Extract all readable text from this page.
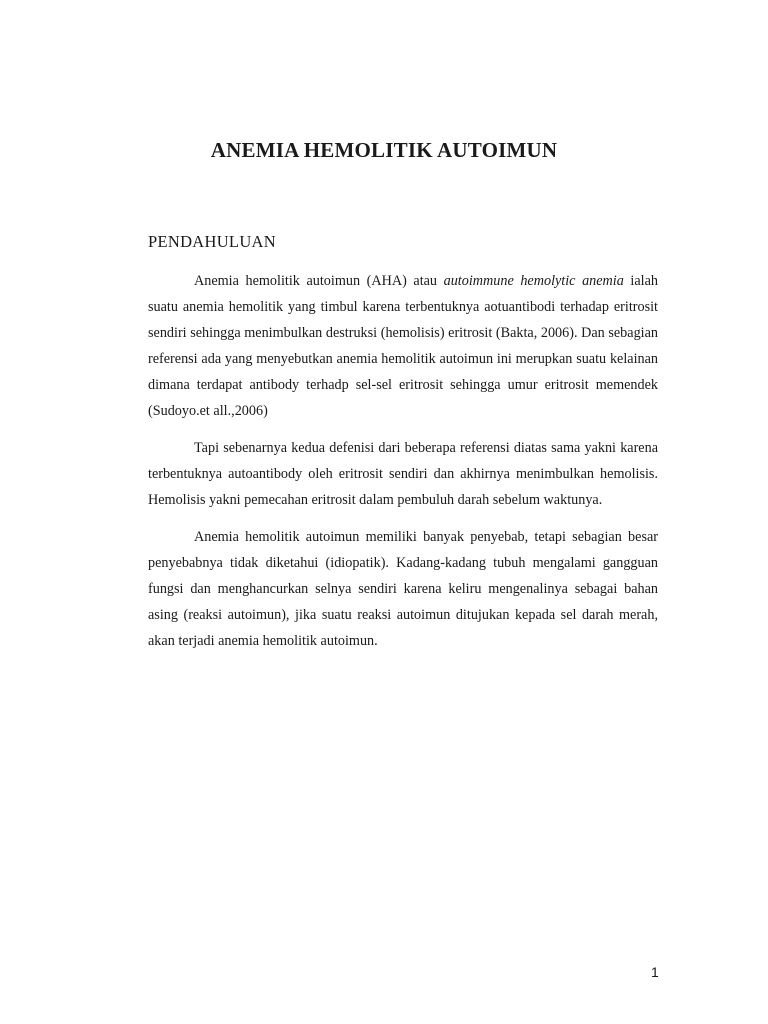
ANEMIA HEMOLITIK AUTOIMUN
PENDAHULUAN

Anemia hemolitik autoimun (AHA) atau autoimmune hemolytic anemia ialah suatu anemia hemolitik yang timbul karena terbentuknya aotuantibodi terhadap eritrosit sendiri sehingga menimbulkan destruksi (hemolisis) eritrosit (Bakta, 2006). Dan sebagian referensi ada yang menyebutkan anemia hemolitik autoimun ini merupkan suatu kelainan dimana terdapat antibody terhadp sel-sel eritrosit sehingga umur eritrosit memendek (Sudoyo.et all.,2006)

Tapi sebenarnya kedua defenisi dari beberapa referensi diatas sama yakni karena terbentuknya autoantibody oleh eritrosit sendiri dan akhirnya menimbulkan hemolisis. Hemolisis yakni pemecahan eritrosit dalam pembuluh darah sebelum waktunya.

Anemia hemolitik autoimun memiliki banyak penyebab, tetapi sebagian besar penyebabnya tidak diketahui (idiopatik). Kadang-kadang tubuh mengalami gangguan fungsi dan menghancurkan selnya sendiri karena keliru mengenalinya sebagai bahan asing (reaksi autoimun), jika suatu reaksi autoimun ditujukan kepada sel darah merah, akan terjadi anemia hemolitik autoimun.

1
